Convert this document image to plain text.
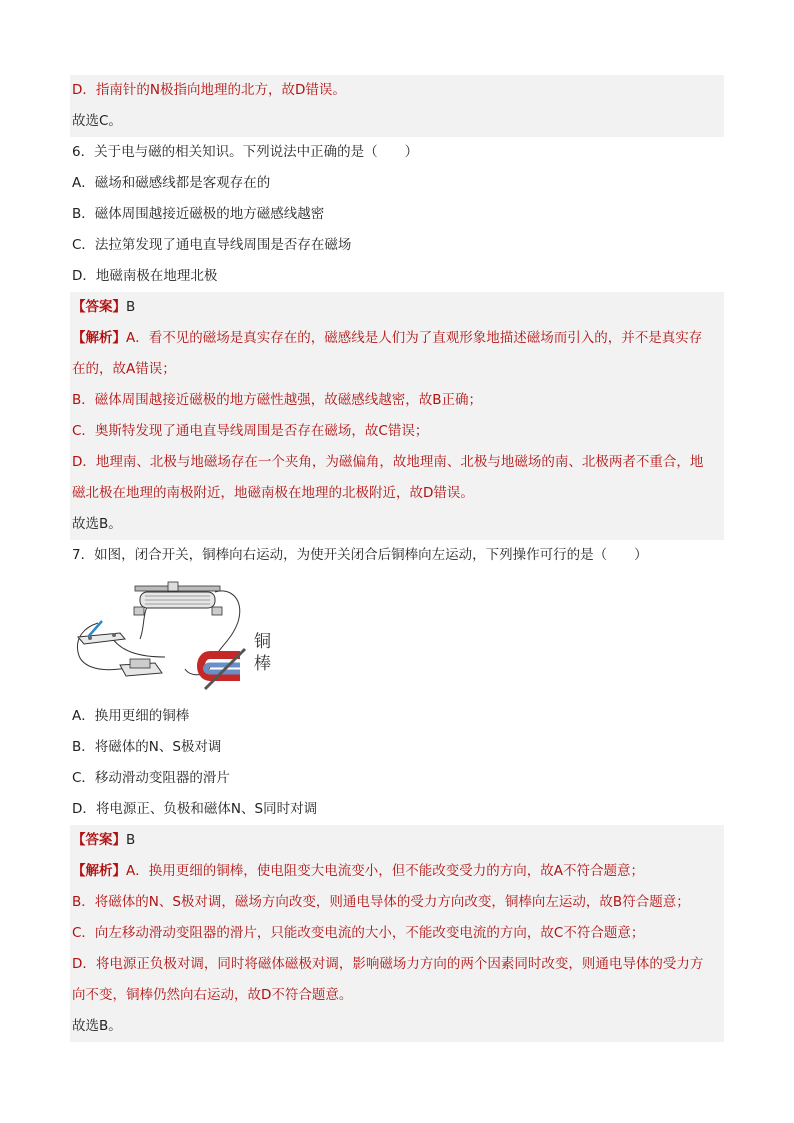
D．指南针的N极指向地理的北方，故D错误。
故选C。
6．关于电与磁的相关知识。下列说法中正确的是（　　）
A．磁场和磁感线都是客观存在的
B．磁体周围越接近磁极的地方磁感线越密
C．法拉第发现了通电直导线周围是否存在磁场
D．地磁南极在地理北极
【答案】B
【解析】A．看不见的磁场是真实存在的，磁感线是人们为了直观形象地描述磁场而引入的，并不是真实存
在的，故A错误；
B．磁体周围越接近磁极的地方磁性越强，故磁感线越密，故B正确；
C．奥斯特发现了通电直导线周围是否存在磁场，故C错误；
D．地理南、北极与地磁场存在一个夹角，为磁偏角，故地理南、北极与地磁场的南、北极两者不重合，地
磁北极在地理的南极附近，地磁南极在地理的北极附近，故D错误。
故选B。
7．如图，闭合开关，铜棒向右运动，为使开关闭合后铜棒向左运动，下列操作可行的是（　　）
铜
棒
A．换用更细的铜棒
B．将磁体的N、S极对调
C．移动滑动变阻器的滑片
D．将电源正、负极和磁体N、S同时对调
【答案】B
【解析】A．换用更细的铜棒，使电阻变大电流变小，但不能改变受力的方向，故A不符合题意；
B．将磁体的N、S极对调，磁场方向改变，则通电导体的受力方向改变，铜棒向左运动，故B符合题意；
C．向左移动滑动变阻器的滑片，只能改变电流的大小，不能改变电流的方向，故C不符合题意；
D．将电源正负极对调，同时将磁体磁极对调，影响磁场力方向的两个因素同时改变，则通电导体的受力方
向不变，铜棒仍然向右运动，故D不符合题意。
故选B。
